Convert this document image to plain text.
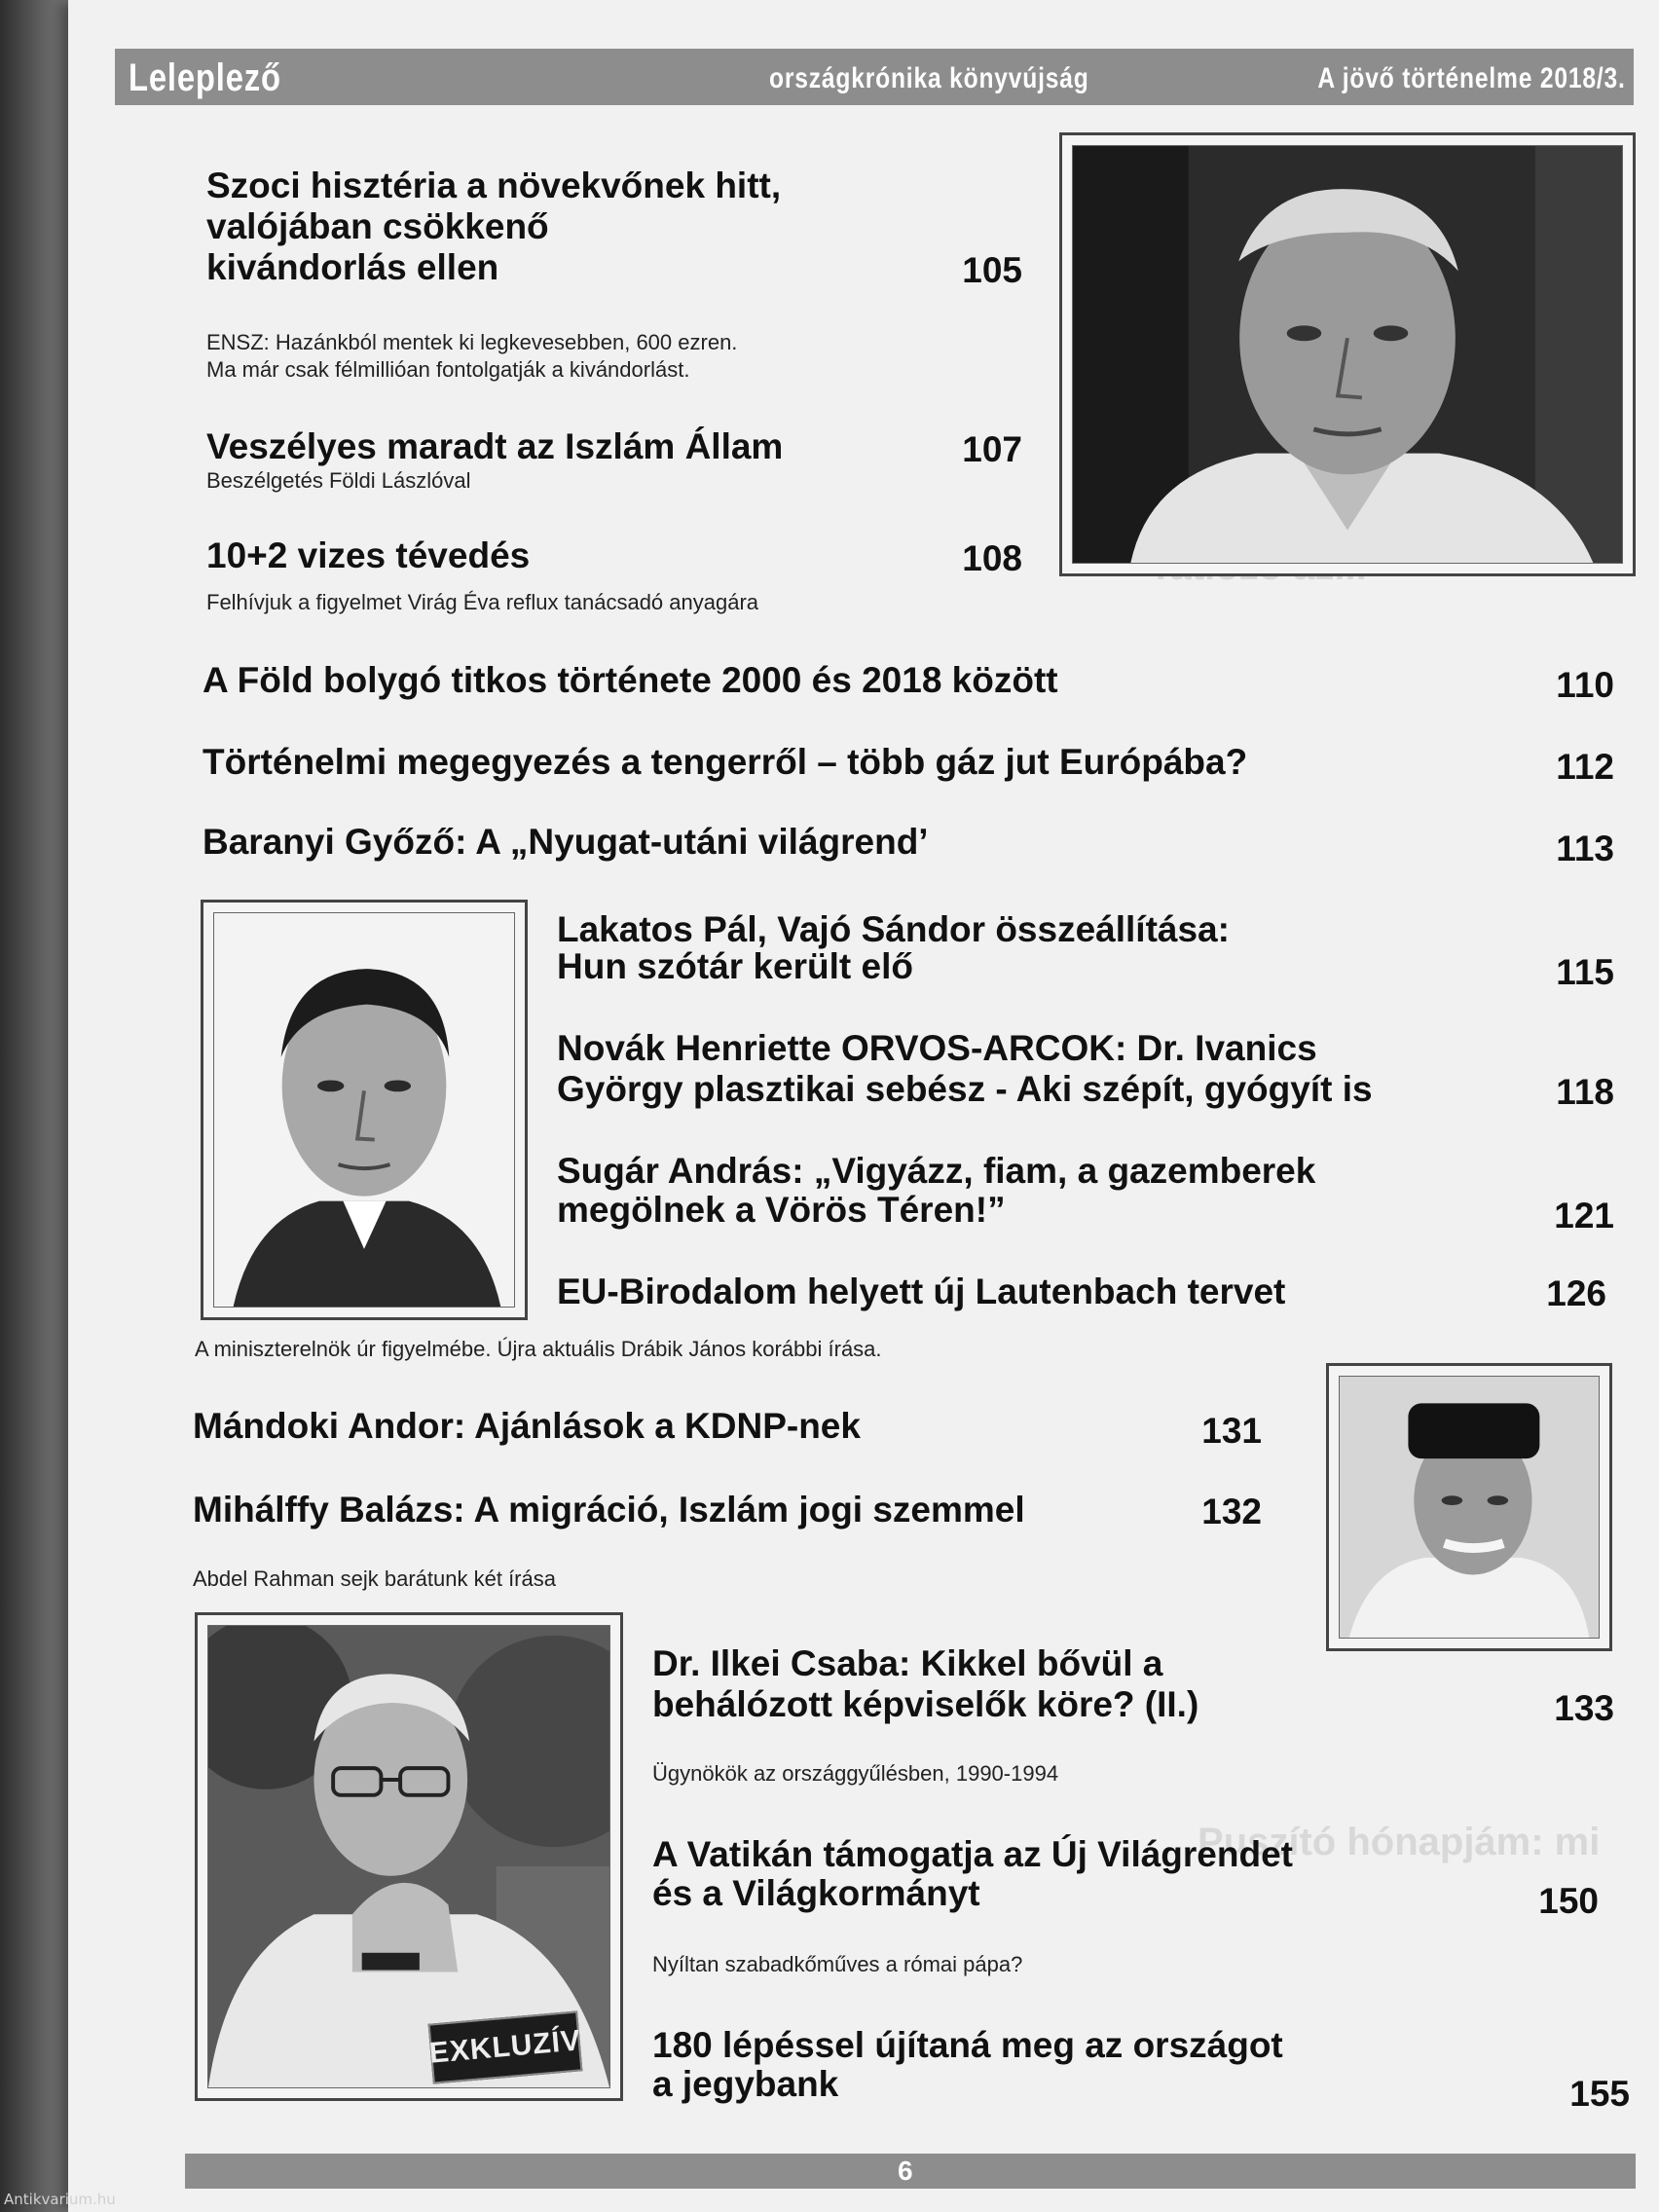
Puszító hónapjám: mi
Leleplező	országkrónika könyvújság	A jövő történelme 2018/3.
EXKLUZÍV
Szoci hisztéria a növekvőnek hitt,
valójában csökkenő
kivándorlás ellen	105
ENSZ: Hazánkból mentek ki legkevesebben, 600 ezren.
Ma már csak félmillióan fontolgatják a kivándorlást.
Veszélyes maradt az Iszlám Állam	107
Beszélgetés Földi Lászlóval
10+2 vizes tévedés	108
Felhívjuk a figyelmet Virág Éva reflux tanácsadó anyagára
A Föld bolygó titkos története 2000 és 2018 között	110
Történelmi megegyezés a tengerről – több gáz jut Európába?	112
Baranyi Győző: A „Nyugat-utáni világrend’	113
Lakatos Pál, Vajó Sándor összeállítása:
Hun szótár került elő	115
Novák Henriette ORVOS-ARCOK: Dr. Ivanics
György plasztikai sebész - Aki szépít, gyógyít is	118
Sugár András: „Vigyázz, fiam, a gazemberek
megölnek a Vörös Téren!”	121
EU-Birodalom helyett új Lautenbach tervet	126
A miniszterelnök úr figyelmébe. Újra aktuális Drábik János korábbi írása.
Mándoki Andor: Ajánlások a KDNP-nek	131
Mihálffy Balázs: A migráció, Iszlám jogi szemmel	132
Abdel Rahman sejk barátunk két írása
Dr. Ilkei Csaba: Kikkel bővül a
behálózott képviselők köre? (II.)	133
Ügynökök az országgyűlésben, 1990-1994
A Vatikán támogatja az Új Világrendet
és a Világkormányt	150
Nyíltan szabadkőműves a római pápa?
180 lépéssel újítaná meg az országot
a jegybank	155
6
Antikvarium.hu
